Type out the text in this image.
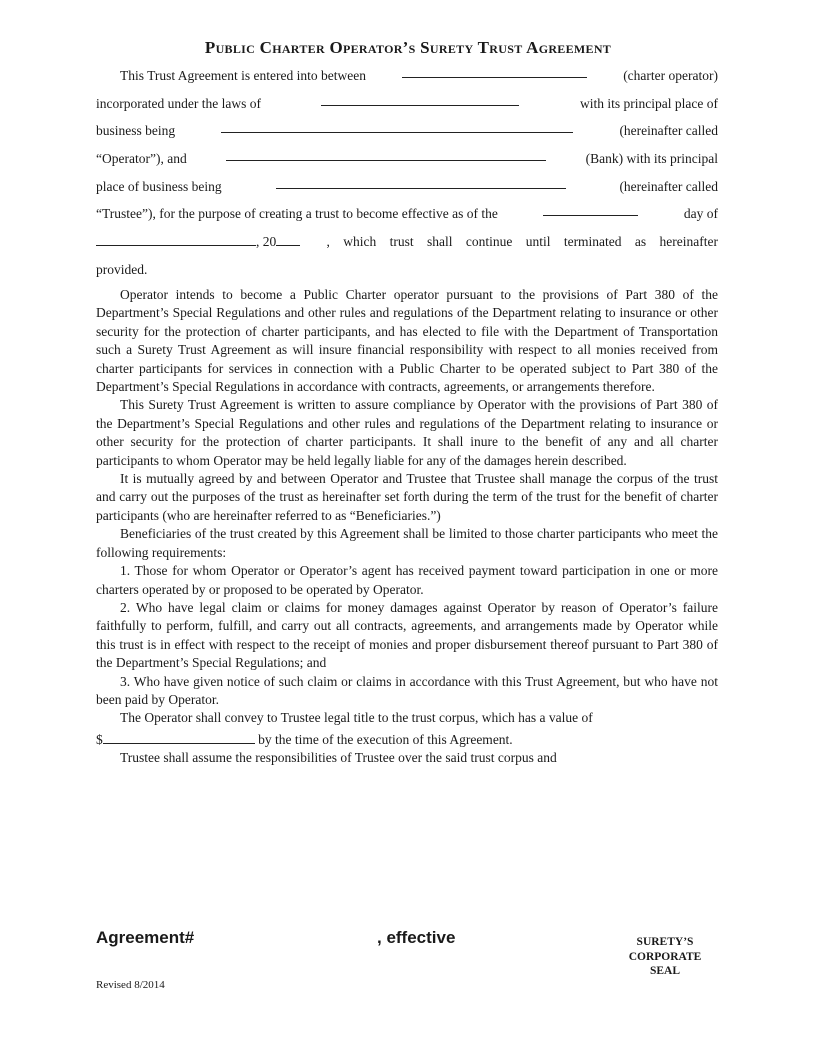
Public Charter Operator’s Surety Trust Agreement
This Trust Agreement is entered into between	(charter operator)
incorporated under the laws of	with its principal place of
business being	(hereinafter called
“Operator”), and	(Bank) with its principal
place of business being	(hereinafter called
“Trustee”), for the purpose of creating a trust to become effective as of the	day of
, 20	, which trust shall continue until terminated as hereinafter
provided.

Operator intends to become a Public Charter operator pursuant to the provisions of Part 380 of the Department’s Special Regulations and other rules and regulations of the Department relating to insurance or other security for the protection of charter participants, and has elected to file with the Department of Transportation such a Surety Trust Agreement as will insure financial responsibility with respect to all monies received from charter participants for services in connection with a Public Charter to be operated subject to Part 380 of the Department’s Special Regulations in accordance with contracts, agreements, or arrangements therefore.

This Surety Trust Agreement is written to assure compliance by Operator with the provisions of Part 380 of the Department’s Special Regulations and other rules and regulations of the Department relating to insurance or other security for the protection of charter participants. It shall inure to the benefit of any and all charter participants to whom Operator may be held legally liable for any of the damages herein described.

It is mutually agreed by and between Operator and Trustee that Trustee shall manage the corpus of the trust and carry out the purposes of the trust as hereinafter set forth during the term of the trust for the benefit of charter participants (who are hereinafter referred to as “Beneficiaries.”)

Beneficiaries of the trust created by this Agreement shall be limited to those charter participants who meet the following requirements:

1. Those for whom Operator or Operator’s agent has received payment toward participation in one or more charters operated by or proposed to be operated by Operator.

2. Who have legal claim or claims for money damages against Operator by reason of Operator’s failure faithfully to perform, fulfill, and carry out all contracts, agreements, and arrangements made by Operator while this trust is in effect with respect to the receipt of monies and proper disbursement thereof pursuant to Part 380 of the Department’s Special Regulations; and

3. Who have given notice of such claim or claims in accordance with this Trust Agreement, but who have not been paid by Operator.

The Operator shall convey to Trustee legal title to the trust corpus, which has a value of

$	by the time of the execution of this Agreement.

Trustee shall assume the responsibilities of Trustee over the said trust corpus and

Agreement#	, effective	SURETY’S
CORPORATE
SEAL
Revised 8/2014
